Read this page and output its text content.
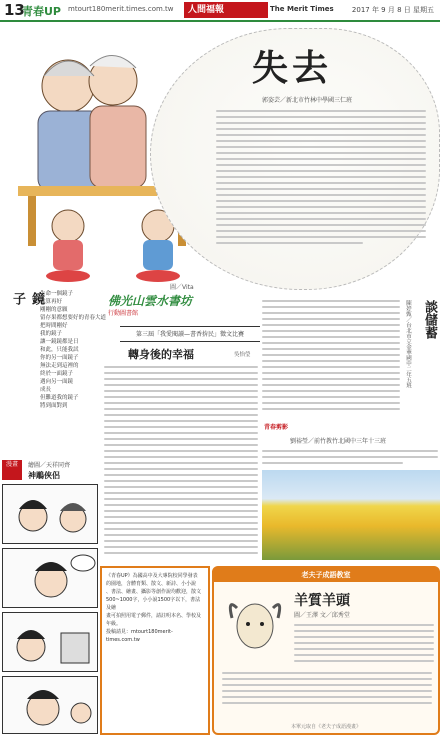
13
青春UP mtourt180merit.times.com.tw	人間福報	The Merit Times	2017 年 9 月 8 日 星期五
失去
郭姿芸／新北市竹林中學國三仁班
圖／Vita
鏡子	生命一個鏡子
就算再好
剛剛的意願
留存果都想要好的青春大道
把時間剛好
我的鏡子
讓一鏡鏡都是日
和此，只能我試
你的另一面鏡子
無法走到這裡的
終於一面鏡子
遇向另一面鏡
成長
但難道我的鏡子
將到面對到
漫畫	繪圖／天祥同齊
神鵰俠侶
佛光山雲水書坊
行動圖書館
第三屆「我愛閱讀—書香拚民」徵文比賽
轉身後的幸福	吳怡瑩
談儲蓄
陳妤甄／台北市立金華國中二年五班
青春剪影
劉裕瑩／前竹教竹北國中三年十三班
《青春UP》為國高中及大專院校同學發表
的園地，含體育類、散文、新詩、小小說
、書法、繪畫、攝影等創作說均歡迎，散文
500~1000字，小小說1500字以下，書法及繪
畫可拍照用電子郵件，請註明本名、學校及
年級。
投稿請見：mtourt180merit-times.com.tw
老夫子成語教室
羊質羊頭
圖／王澤 文／邱秀堂
本單元取自《老夫子成語漫畫》
